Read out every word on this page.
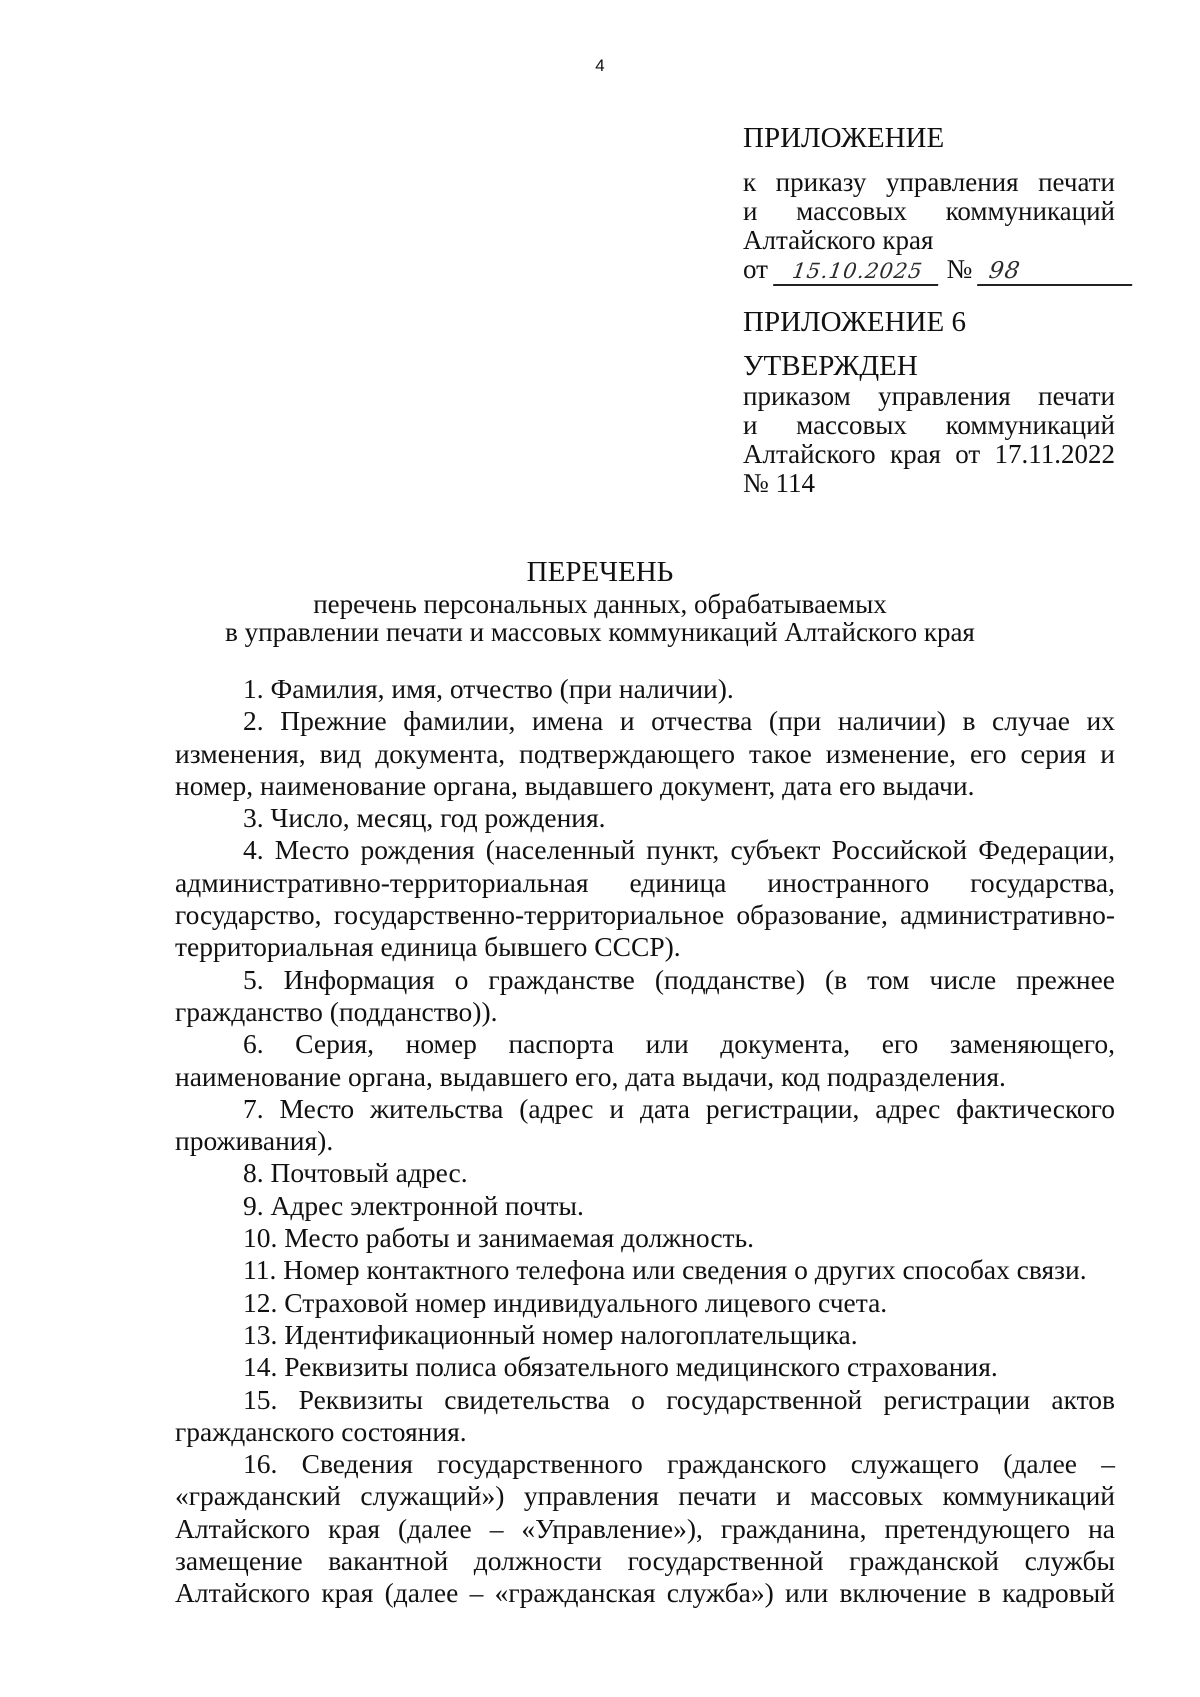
4
ПРИЛОЖЕНИЕ
к приказу управления печати
и массовых коммуникаций
Алтайского края
от 15.10.2025 № 98
ПРИЛОЖЕНИЕ 6
УТВЕРЖДЕН
приказом управления печати
и массовых коммуникаций
Алтайского края от 17.11.2022
№ 114
ПЕРЕЧЕНЬ
перечень персональных данных, обрабатываемых
в управлении печати и массовых коммуникаций Алтайского края
1. Фамилия, имя, отчество (при наличии).
2. Прежние фамилии, имена и отчества (при наличии) в случае их изменения, вид документа, подтверждающего такое изменение, его серия и номер, наименование органа, выдавшего документ, дата его выдачи.
3. Число, месяц, год рождения.
4. Место рождения (населенный пункт, субъект Российской Федерации, административно-территориальная единица иностранного государства, государство, государственно-территориальное образование, административно-территориальная единица бывшего СССР).
5. Информация о гражданстве (подданстве) (в том числе прежнее гражданство (подданство)).
6. Серия, номер паспорта или документа, его заменяющего, наименование органа, выдавшего его, дата выдачи, код подразделения.
7. Место жительства (адрес и дата регистрации, адрес фактического проживания).
8. Почтовый адрес.
9. Адрес электронной почты.
10. Место работы и занимаемая должность.
11. Номер контактного телефона или сведения о других способах связи.
12. Страховой номер индивидуального лицевого счета.
13. Идентификационный номер налогоплательщика.
14. Реквизиты полиса обязательного медицинского страхования.
15. Реквизиты свидетельства о государственной регистрации актов гражданского состояния.
16. Сведения государственного гражданского служащего (далее – «гражданский служащий») управления печати и массовых коммуникаций Алтайского края (далее – «Управление»), гражданина, претендующего на замещение вакантной должности государственной гражданской службы Алтайского края (далее – «гражданская служба») или включение в кадровый
